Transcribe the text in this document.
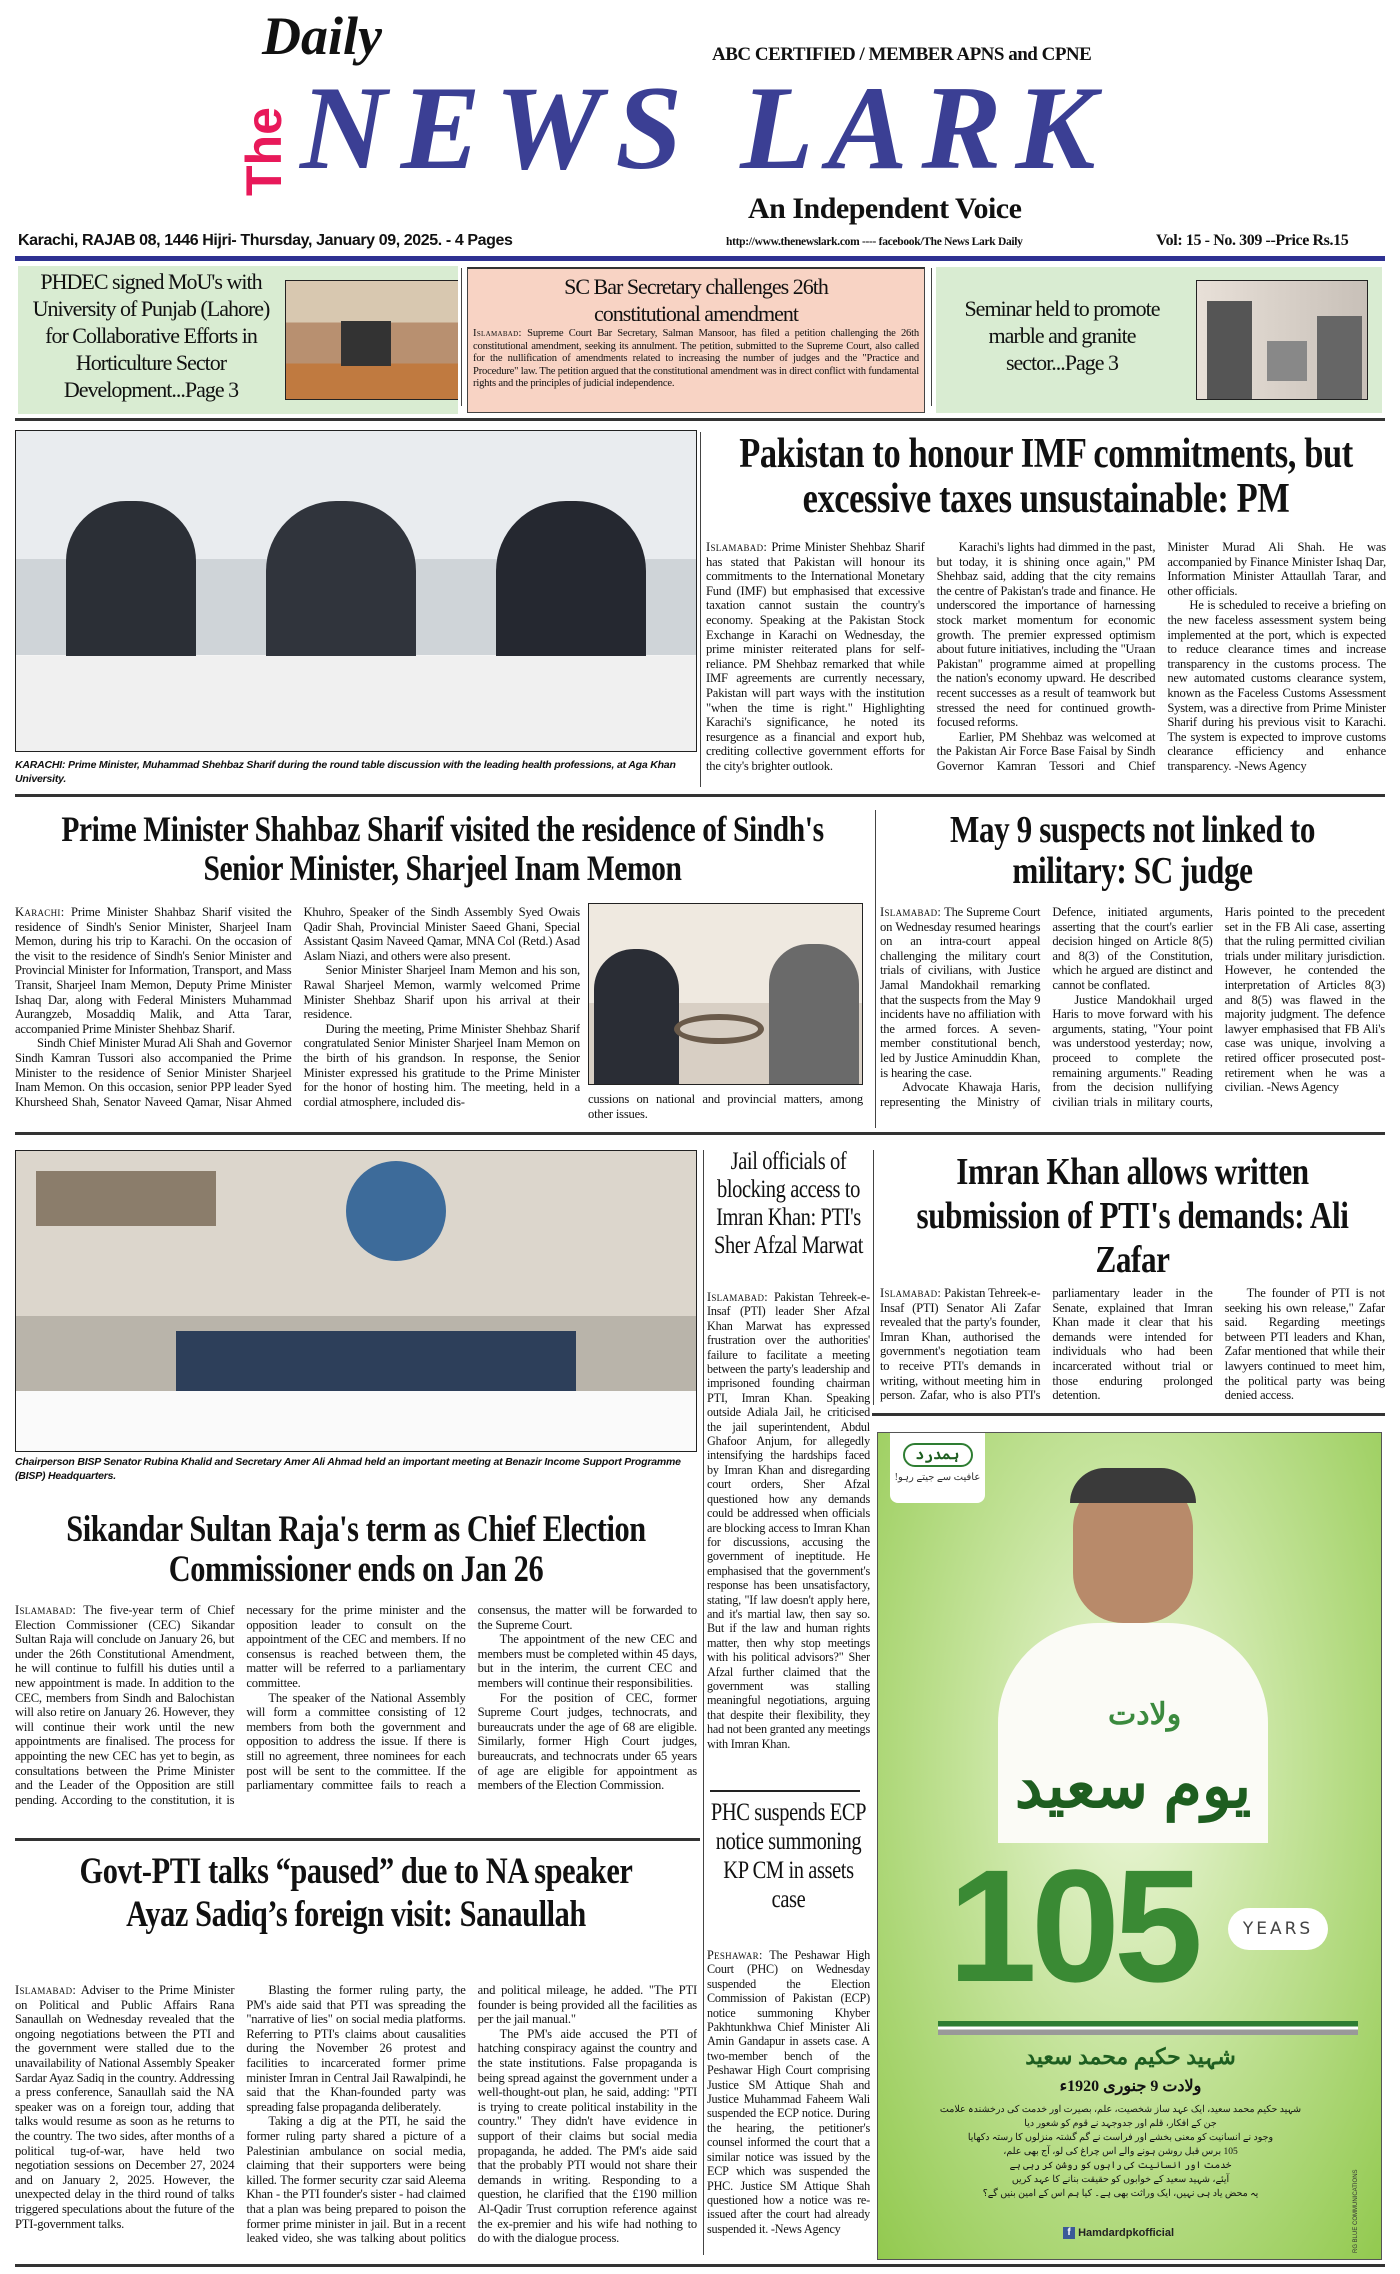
Daily
The NEWS LARK
ABC CERTIFIED / MEMBER APNS and CPNE
An Independent Voice
Karachi, RAJAB 08, 1446 Hijri- Thursday, January 09, 2025. - 4 Pages	http://www.thenewslark.com ---- facebook/The News Lark Daily	Vol: 15 - No. 309 --Price Rs.15
PHDEC signed MoU's with University of Punjab (Lahore) for Collaborative Efforts in Horticulture Sector Development...Page 3
SC Bar Secretary challenges 26th constitutional amendment

Islamabad: Supreme Court Bar Secretary, Salman Mansoor, has filed a petition challenging the 26th constitutional amendment, seeking its annulment. The petition, submitted to the Supreme Court, also called for the nullification of amendments related to increasing the number of judges and the "Practice and Procedure" law. The petition argued that the constitutional amendment was in direct conflict with fundamental rights and the principles of judicial independence.

Seminar held to promote marble and granite sector...Page 3
KARACHI: Prime Minister, Muhammad Shehbaz Sharif during the round table discussion with the leading health professions, at Aga Khan University.
Pakistan to honour IMF commitments, but excessive taxes unsustainable: PM

Islamabad: Prime Minister Shehbaz Sharif has stated that Pakistan will honour its commitments to the International Monetary Fund (IMF) but emphasised that excessive taxation cannot sustain the country's economy. Speaking at the Pakistan Stock Exchange in Karachi on Wednesday, the prime minister reiterated plans for self-reliance. PM Shehbaz remarked that while IMF agreements are currently necessary, Pakistan will part ways with the institution "when the time is right." Highlighting Karachi's significance, he noted its resurgence as a financial and export hub, crediting collective government efforts for the city's brighter outlook.

Karachi's lights had dimmed in the past, but today, it is shining once again," PM Shehbaz said, adding that the city remains the centre of Pakistan's trade and finance. He underscored the importance of harnessing stock market momentum for economic growth. The premier expressed optimism about future initiatives, including the "Uraan Pakistan" programme aimed at propelling the nation's economy upward. He described recent successes as a result of teamwork but stressed the need for continued growth-focused reforms.

Earlier, PM Shehbaz was welcomed at the Pakistan Air Force Base Faisal by Sindh Governor Kamran Tessori and Chief Minister Murad Ali Shah. He was accompanied by Finance Minister Ishaq Dar, Information Minister Attaullah Tarar, and other officials.

He is scheduled to receive a briefing on the new faceless assessment system being implemented at the port, which is expected to reduce clearance times and increase transparency in the customs process. The new automated customs clearance system, known as the Faceless Customs Assessment System, was a directive from Prime Minister Sharif during his previous visit to Karachi. The system is expected to improve customs clearance efficiency and enhance transparency. -News Agency

Prime Minister Shahbaz Sharif visited the residence of Sindh's Senior Minister, Sharjeel Inam Memon

Karachi: Prime Minister Shahbaz Sharif visited the residence of Sindh's Senior Minister, Sharjeel Inam Memon, during his trip to Karachi. On the occasion of the visit to the residence of Sindh's Senior Minister and Provincial Minister for Information, Transport, and Mass Transit, Sharjeel Inam Memon, Deputy Prime Minister Ishaq Dar, along with Federal Ministers Muhammad Aurangzeb, Mosaddiq Malik, and Atta Tarar, accompanied Prime Minister Shehbaz Sharif.

Sindh Chief Minister Murad Ali Shah and Governor Sindh Kamran Tussori also accompanied the Prime Minister to the residence of Senior Minister Sharjeel Inam Memon. On this occasion, senior PPP leader Syed Khursheed Shah, Senator Naveed Qamar, Nisar Ahmed Khuhro, Speaker of the Sindh Assembly Syed Owais Qadir Shah, Provincial Minister Saeed Ghani, Special Assistant Qasim Naveed Qamar, MNA Col (Retd.) Asad Aslam Niazi, and others were also present.

Senior Minister Sharjeel Inam Memon and his son, Rawal Sharjeel Memon, warmly welcomed Prime Minister Shehbaz Sharif upon his arrival at their residence.

During the meeting, Prime Minister Shehbaz Sharif congratulated Senior Minister Sharjeel Inam Memon on the birth of his grandson. In response, the Senior Minister expressed his gratitude to the Prime Minister for the honor of hosting him. The meeting, held in a cordial atmosphere, included dis-	cussions on national and provincial matters, among other issues.
May 9 suspects not linked to military: SC judge

Islamabad: The Supreme Court on Wednesday resumed hearings on an intra-court appeal challenging the military court trials of civilians, with Justice Jamal Mandokhail remarking that the suspects from the May 9 incidents have no affiliation with the armed forces. A seven-member constitutional bench, led by Justice Aminuddin Khan, is hearing the case.

Advocate Khawaja Haris, representing the Ministry of Defence, initiated arguments, asserting that the court's earlier decision hinged on Article 8(5) and 8(3) of the Constitution, which he argued are distinct and cannot be conflated.

Justice Mandokhail urged Haris to move forward with his arguments, stating, "Your point was understood yesterday; now, proceed to complete the remaining arguments." Reading from the decision nullifying civilian trials in military courts, Haris pointed to the precedent set in the FB Ali case, asserting that the ruling permitted civilian trials under military jurisdiction. However, he contended the interpretation of Articles 8(3) and 8(5) was flawed in the majority judgment. The defence lawyer emphasised that FB Ali's case was unique, involving a retired officer prosecuted post-retirement when he was a civilian. -News Agency

Chairperson BISP Senator Rubina Khalid and Secretary Amer Ali Ahmad held an important meeting at Benazir Income Support Programme (BISP) Headquarters.
Jail officials of blocking access to Imran Khan: PTI's Sher Afzal Marwat

Islamabad: Pakistan Tehreek-e-Insaf (PTI) leader Sher Afzal Khan Marwat has expressed frustration over the authorities' failure to facilitate a meeting between the party's leadership and imprisoned founding chairman PTI, Imran Khan. Speaking outside Adiala Jail, he criticised the jail superintendent, Abdul Ghafoor Anjum, for allegedly intensifying the hardships faced by Imran Khan and disregarding court orders, Sher Afzal questioned how any demands could be addressed when officials are blocking access to Imran Khan for discussions, accusing the government of ineptitude. He emphasised that the government's response has been unsatisfactory, stating, "If law doesn't apply here, and it's martial law, then say so. But if the law and human rights matter, then why stop meetings with his political advisors?" Sher Afzal further claimed that the government was stalling meaningful negotiations, arguing that despite their flexibility, they had not been granted any meetings with Imran Khan.

PHC suspends ECP notice summoning KP CM in assets case

Peshawar: The Peshawar High Court (PHC) on Wednesday suspended the Election Commission of Pakistan (ECP) notice summoning Khyber Pakhtunkhwa Chief Minister Ali Amin Gandapur in assets case. A two-member bench of the Peshawar High Court comprising Justice SM Attique Shah and Justice Muhammad Faheem Wali suspended the ECP notice. During the hearing, the petitioner's counsel informed the court that a similar notice was issued by the ECP which was suspended the PHC. Justice SM Attique Shah questioned how a notice was re-issued after the court had already suspended it. -News Agency

Imran Khan allows written submission of PTI's demands: Ali Zafar

Islamabad: Pakistan Tehreek-e-Insaf (PTI) Senator Ali Zafar revealed that the party's founder, Imran Khan, authorised the government's negotiation team to receive PTI's demands in writing, without meeting him in person. Zafar, who is also PTI's parliamentary leader in the Senate, explained that Imran Khan made it clear that his demands were intended for individuals who had been incarcerated without trial or those enduring prolonged detention.

The founder of PTI is not seeking his own release," Zafar said. Regarding meetings between PTI leaders and Khan, Zafar mentioned that while their lawyers continued to meet him, the political party was being denied access.

ہمدرد
عافیت سے جیتے رہو!
ولادت
یوم سعید
105	YEARS
شہید حکیم محمد سعید
ولادت 9 جنوری 1920ء
شہید حکیم محمد سعید، ایک عہد ساز شخصیت، علم، بصیرت اور خدمت کی درخشندہ علامت
جن کے افکار، قلم اور جدوجہد نے قوم کو شعور دیا
وجود نے انسانیت کو معنی بخشے اور فراست نے گم گشتہ منزلوں کا رستہ دکھایا
105 برس قبل روشن ہونے والے اس چراغ کی لو، آج بھی علم،
خدمت اور انسانیت کی راہوں کو روشن کر رہی ہے
آیئے، شہید سعید کے خوابوں کو حقیقت بنانے کا عہد کریں
یہ محض یاد ہی نہیں، ایک وراثت بھی ہے۔ کیا ہم اس کے امین بنیں گے؟
f Hamdardpkofficial	RG BLUE COMMUNICATIONS
Sikandar Sultan Raja's term as Chief Election Commissioner ends on Jan 26

Islamabad: The five-year term of Chief Election Commissioner (CEC) Sikandar Sultan Raja will conclude on January 26, but under the 26th Constitutional Amendment, he will continue to fulfill his duties until a new appointment is made. In addition to the CEC, members from Sindh and Balochistan will also retire on January 26. However, they will continue their work until the new appointments are finalised. The process for appointing the new CEC has yet to begin, as consultations between the Prime Minister and the Leader of the Opposition are still pending. According to the constitution, it is necessary for the prime minister and the opposition leader to consult on the appointment of the CEC and members. If no consensus is reached between them, the matter will be referred to a parliamentary committee.

The speaker of the National Assembly will form a committee consisting of 12 members from both the government and opposition to address the issue. If there is still no agreement, three nominees for each post will be sent to the committee. If the parliamentary committee fails to reach a consensus, the matter will be forwarded to the Supreme Court.

The appointment of the new CEC and members must be completed within 45 days, but in the interim, the current CEC and members will continue their responsibilities.

For the position of CEC, former Supreme Court judges, technocrats, and bureaucrats under the age of 68 are eligible. Similarly, former High Court judges, bureaucrats, and technocrats under 65 years of age are eligible for appointment as members of the Election Commission.

Govt-PTI talks “paused” due to NA speaker Ayaz Sadiq’s foreign visit: Sanaullah

Islamabad: Adviser to the Prime Minister on Political and Public Affairs Rana Sanaullah on Wednesday revealed that the ongoing negotiations between the PTI and the government were stalled due to the unavailability of National Assembly Speaker Sardar Ayaz Sadiq in the country. Addressing a press conference, Sanaullah said the NA speaker was on a foreign tour, adding that talks would resume as soon as he returns to the country. The two sides, after months of a political tug-of-war, have held two negotiation sessions on December 27, 2024 and on January 2, 2025. However, the unexpected delay in the third round of talks triggered speculations about the future of the PTI-government talks.

Blasting the former ruling party, the PM's aide said that PTI was spreading the "narrative of lies" on social media platforms. Referring to PTI's claims about causalities during the November 26 protest and facilities to incarcerated former prime minister Imran in Central Jail Rawalpindi, he said that the Khan-founded party was spreading false propaganda deliberately.

Taking a dig at the PTI, he said the former ruling party shared a picture of a Palestinian ambulance on social media, claiming that their supporters were being killed. The former security czar said Aleema Khan - the PTI founder's sister - had claimed that a plan was being prepared to poison the former prime minister in jail. But in a recent leaked video, she was talking about politics and political mileage, he added. "The PTI founder is being provided all the facilities as per the jail manual."

The PM's aide accused the PTI of hatching conspiracy against the country and the state institutions. False propaganda is being spread against the government under a well-thought-out plan, he said, adding: "PTI is trying to create political instability in the country." They didn't have evidence in support of their claims but social media propaganda, he added. The PM's aide said that the probably PTI would not share their demands in writing. Responding to a question, he clarified that the £190 million Al-Qadir Trust corruption reference against the ex-premier and his wife had nothing to do with the dialogue process.
